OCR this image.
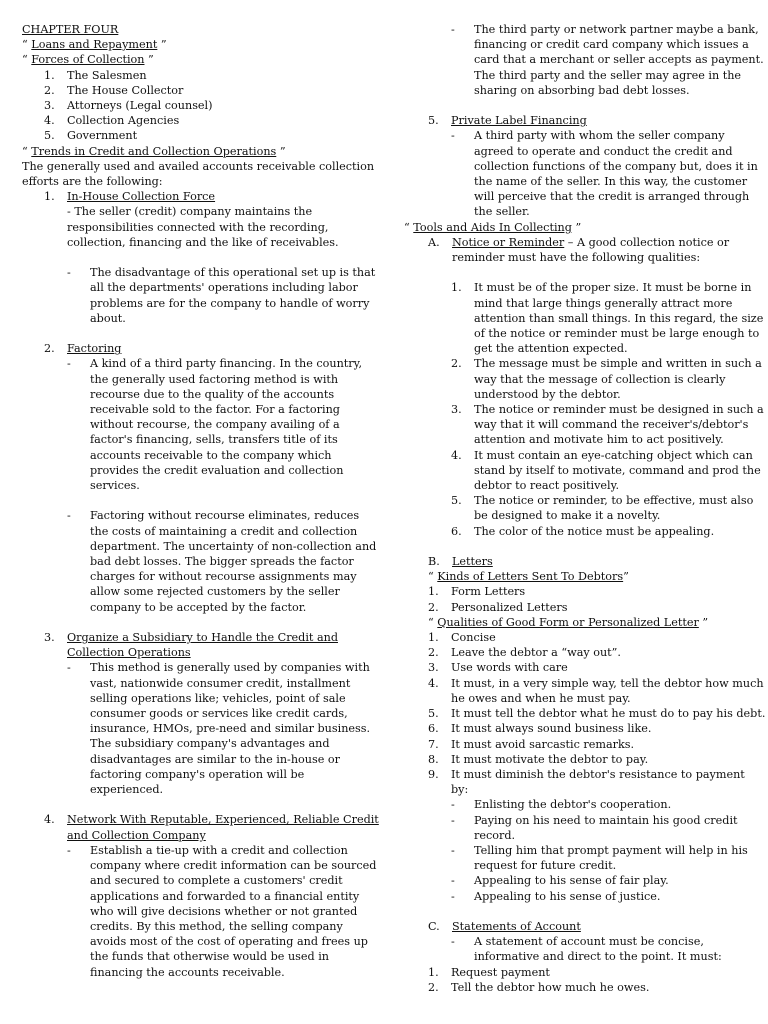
CHAPTER FOUR
“ Loans and Repayment ”
“ Forces of Collection ”
1.	The Salesmen
2.	The House Collector
3.	Attorneys (Legal counsel)
4.	Collection Agencies
5.	Government
“ Trends in Credit and Collection Operations ”
The generally used and availed accounts receivable collection
efforts are the following:
1.	In-House Collection Force
- The seller (credit) company maintains the
responsibilities connected with the recording,
collection, financing and the like of receivables.
- The disadvantage of this operational set up is that
all the departments' operations including labor
problems are for the company to handle of worry
about.
2.	Factoring
- A kind of a third party financing. In the country,
the generally used factoring method is with
recourse due to the quality of the accounts
receivable sold to the factor. For a factoring
without recourse, the company availing of a
factor's financing, sells, transfers title of its
accounts receivable to the company which
provides the credit evaluation and collection
services.
- Factoring without recourse eliminates, reduces
the costs of maintaining a credit and collection
department. The uncertainty of non-collection and
bad debt losses. The bigger spreads the factor
charges for without recourse assignments may
allow some rejected customers by the seller
company to be accepted by the factor.
3.	Organize a Subsidiary to Handle the Credit and
Collection Operations
- This method is generally used by companies with
vast, nationwide consumer credit, installment
selling operations like; vehicles, point of sale
consumer goods or services like credit cards,
insurance, HMOs, pre-need and similar business.
The subsidiary company's advantages and
disadvantages are similar to the in-house or
factoring company's operation will be
experienced.
4.	Network With Reputable, Experienced, Reliable Credit
and Collection Company
- Establish a tie-up with a credit and collection
company where credit information can be sourced
and secured to complete a customers' credit
applications and forwarded to a financial entity
who will give decisions whether or not granted
credits. By this method, the selling company
avoids most of the cost of operating and frees up
the funds that otherwise would be used in
financing the accounts receivable.
- The third party or network partner maybe a bank,
financing or credit card company which issues a
card that a merchant or seller accepts as payment.
The third party and the seller may agree in the
sharing on absorbing bad debt losses.
5.	Private Label Financing
- A third party with whom the seller company
agreed to operate and conduct the credit and
collection functions of the company but, does it in
the name of the seller. In this way, the customer
will perceive that the credit is arranged through
the seller.
“ Tools and Aids In Collecting ”
A.	Notice or Reminder – A good collection notice or
reminder must have the following qualities:
1.	It must be of the proper size. It must be borne in
mind that large things generally attract more
attention than small things. In this regard, the size
of the notice or reminder must be large enough to
get the attention expected.
2.	The message must be simple and written in such a
way that the message of collection is clearly
understood by the debtor.
3.	The notice or reminder must be designed in such a
way that it will command the receiver's/debtor's
attention and motivate him to act positively.
4.	It must contain an eye-catching object which can
stand by itself to motivate, command and prod the
debtor to react positively.
5.	The notice or reminder, to be effective, must also
be designed to make it a novelty.
6.	The color of the notice must be appealing.
B.	Letters
“ Kinds of Letters Sent To Debtors”
1.	Form Letters
2.	Personalized Letters
“ Qualities of Good Form or Personalized Letter ”
1.	Concise
2.	Leave the debtor a “way out”.
3.	Use words with care
4.	It must, in a very simple way, tell the debtor how much
he owes and when he must pay.
5.	It must tell the debtor what he must do to pay his debt.
6.	It must always sound business like.
7.	It must avoid sarcastic remarks.
8.	It must motivate the debtor to pay.
9.	It must diminish the debtor's resistance to payment
by:
-	Enlisting the debtor's cooperation.
-	Paying on his need to maintain his good credit
record.
-	Telling him that prompt payment will help in his
request for future credit.
-	Appealing to his sense of fair play.
-	Appealing to his sense of justice.
C.	Statements of Account
- A statement of account must be concise,
informative and direct to the point. It must:
1.	Request payment
2.	Tell the debtor how much he owes.
